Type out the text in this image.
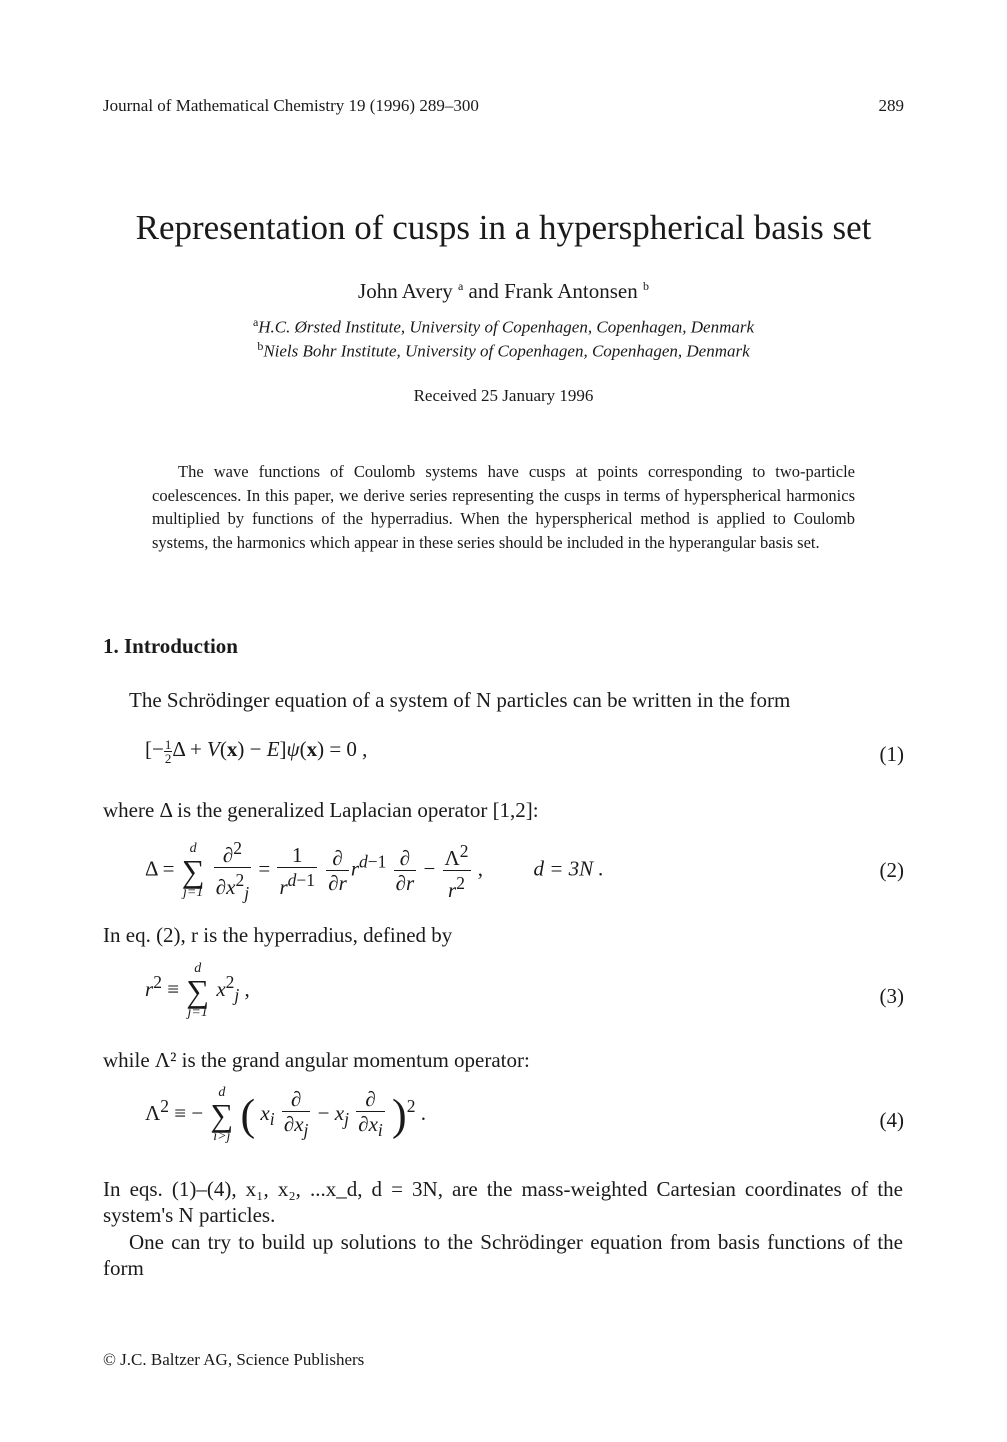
Journal of Mathematical Chemistry 19 (1996) 289–300	289
Representation of cusps in a hyperspherical basis set
John Avery $^a$ and Frank Antonsen $^b$
$^a$H.C. Ørsted Institute, University of Copenhagen, Copenhagen, Denmark
$^b$Niels Bohr Institute, University of Copenhagen, Copenhagen, Denmark
Received 25 January 1996

The wave functions of Coulomb systems have cusps at points corresponding to two-particle coelescences. In this paper, we derive series representing the cusps in terms of hyperspherical harmonics multiplied by functions of the hyperradius. When the hyperspherical method is applied to Coulomb systems, the harmonics which appear in these series should be included in the hyperangular basis set.

1. Introduction
The Schrödinger equation of a system of N particles can be written in the form
[− $\frac{1}{2}$ Δ + V(x) − E]ψ(x) = 0 ,	(1)
where Δ is the generalized Laplacian operator [1,2]:
Δ =
d
∑
j=1
$\frac{\partial^2}{\partial x^2_j} = \frac{1}{r^{d-1}}$
$\frac{\partial}{\partial r} r^{d-1} \frac{\partial}{\partial r} - \frac{\Lambda^2}{r^2}$ , d = 3N .	(2)
In eq. (2), r is the hyperradius, defined by
$r^2$ ≡
d
∑
j=1
$x^2_j$ ,	(3)
while Λ² is the grand angular momentum operator:
$\Lambda^2$ ≡ −
d
∑
i>j ( $x_i \frac{\partial}{\partial x_j} - x_j \frac{\partial}{\partial x_i} )^2$ .	(4)
In eqs. (1)–(4), x₁, x₂, ...x_d, d = 3N, are the mass-weighted Cartesian coordinates of the system's N particles.
One can try to build up solutions to the Schrödinger equation from basis functions of the form
© J.C. Baltzer AG, Science Publishers
